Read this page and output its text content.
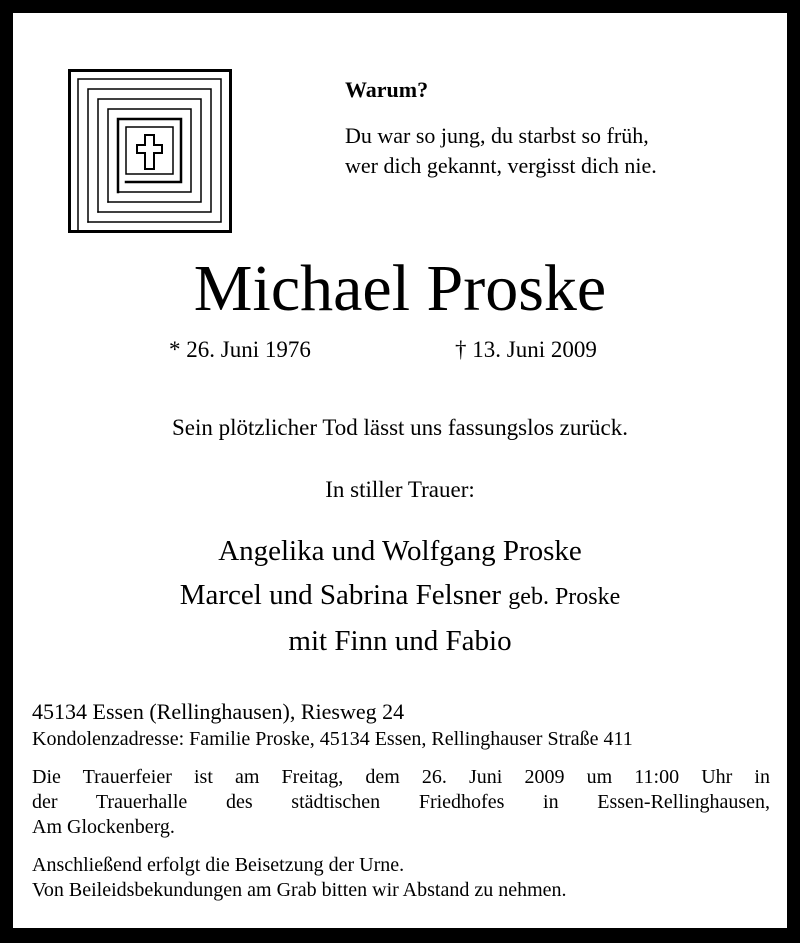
Warum?

Du war so jung, du starbst so früh,

wer dich gekannt, vergisst dich nie.

Michael Proske
* 26. Juni 1976	† 13. Juni 2009
Sein plötzlicher Tod lässt uns fassungslos zurück.
In stiller Trauer:
Angelika und Wolfgang Proske
Marcel und Sabrina Felsner geb. Proske
mit Finn und Fabio
45134 Essen (Rellinghausen), Riesweg 24
Kondolenzadresse: Familie Proske, 45134 Essen, Rellinghauser Straße 411

Die Trauerfeier ist am Freitag, dem 26. Juni 2009 um 11:00 Uhr in

der Trauerhalle des städtischen Friedhofes in Essen-Rellinghausen,

Am Glockenberg.

Anschließend erfolgt die Beisetzung der Urne.

Von Beileidsbekundungen am Grab bitten wir Abstand zu nehmen.
